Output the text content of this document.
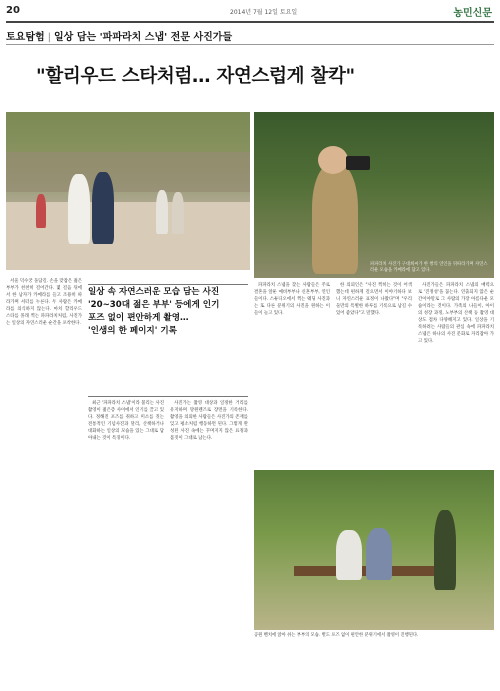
20	2014년 7월 12일 토요일	농민신문
토요탐험 | 일상 담는 '파파라치 스냅' 전문 사진가들
"할리우드 스타처럼… 자연스럽게 찰칵"
파파라치 사진가 구대희씨가 한 쌍의 연인을 뒤따라가며 자연스러운 모습을 카메라에 담고 있다.
일상 속 자연스러운 모습 담는 사진
'20∼30대 젊은 부부' 등에게 인기
포즈 없이 편안하게 촬영…
'인생의 한 페이지' 기록

서울 덕수궁 돌담길. 손을 맞잡은 젊은 부부가 천천히 걸어간다. 몇 걸음 뒤에서 한 남자가 카메라를 들고 조용히 따라가며 셔터를 누른다. 두 사람은 카메라를 의식하지 않는다. 마치 할리우드 스타를 몰래 찍는 파파라치처럼, 사진가는 일상의 자연스러운 순간을 포착한다.

최근 '파파라치 스냅'이라 불리는 사진 촬영이 젊은층 사이에서 인기를 끌고 있다. 정해진 포즈를 취하고 미소를 짓는 전통적인 기념사진과 달리, 산책하거나 대화하는 일상의 모습을 있는 그대로 담아내는 것이 특징이다.

사진가는 촬영 대상과 일정한 거리를 유지하며 망원렌즈로 장면을 기록한다. 촬영을 의뢰한 사람들은 사진가의 존재를 잊고 평소처럼 행동하면 된다. 그렇게 완성된 사진 속에는 꾸며지지 않은 표정과 몸짓이 그대로 남는다.

파파라치 스냅을 찾는 사람들은 주로 결혼을 앞둔 예비부부나 신혼부부, 연인들이다. 스튜디오에서 찍는 웨딩 사진과는 또 다른 분위기의 사진을 원하는 이들이 늘고 있다.

한 의뢰인은 "사진 찍히는 것이 어색했는데 편하게 걸으면서 이야기하다 보니 자연스러운 표정이 나왔다"며 "우리 둘만의 특별한 하루를 기록으로 남길 수 있어 좋았다"고 말했다.

사진가들은 파파라치 스냅의 매력으로 '진정성'을 꼽는다. 연출되지 않은 순간이야말로 그 사람의 가장 아름다운 모습이라는 것이다. 가족의 나들이, 아이의 성장 과정, 노부부의 산책 등 촬영 대상도 점차 다양해지고 있다. 일상을 기록하려는 사람들의 관심 속에 파파라치 스냅은 하나의 사진 문화로 자리잡아 가고 있다.

공원 벤치에 앉아 쉬는 부부의 모습. 별도 포즈 없이 편안한 분위기에서 촬영이 진행된다.
